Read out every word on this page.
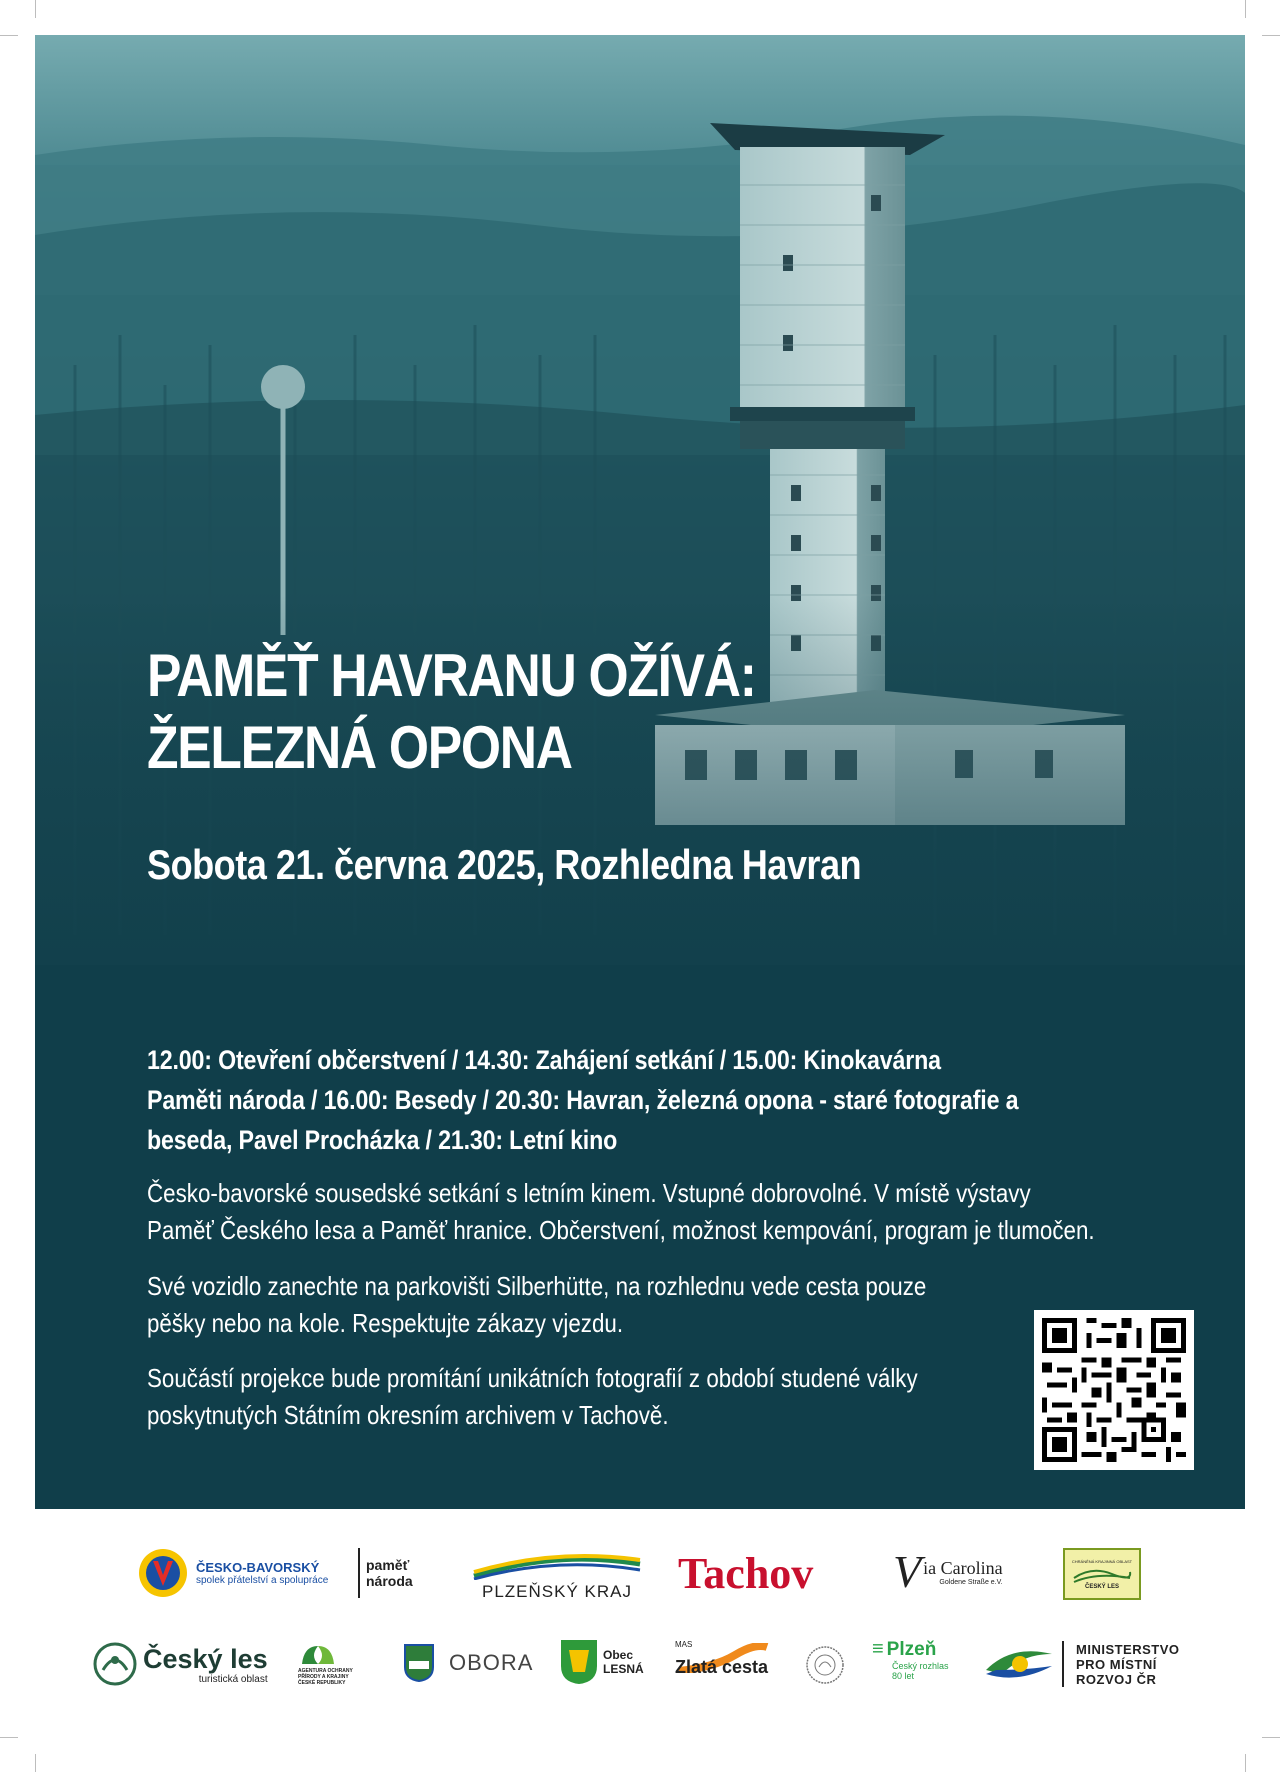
PAMĚŤ HAVRANU OŽÍVÁ:
ŽELEZNÁ OPONA
Sobota 21. června 2025, Rozhledna Havran
12.00: Otevření občerstvení / 14.30: Zahájení setkání / 15.00: Kinokavárna
Paměti národa / 16.00: Besedy / 20.30: Havran, železná opona - staré fotografie a
beseda, Pavel Procházka / 21.30: Letní kino
Česko-bavorské sousedské setkání s letním kinem. Vstupné dobrovolné. V místě výstavy
Paměť Českého lesa a Paměť hranice. Občerstvení, možnost kempování, program je tlumočen.
Své vozidlo zanechte na parkovišti Silberhütte, na rozhlednu vede cesta pouze
pěšky nebo na kole. Respektujte zákazy vjezdu.
Součástí projekce bude promítání unikátních fotografií z období studené války
poskytnutých Státním okresním archivem v Tachově.
ČESKO-BAVORSKÝ
spolek přátelství a spolupráce
paměť
národa
PLZEŇSKÝ KRAJ Tachov V ia Carolina
Goldene Straße e.V.
CHRÁNĚNÁ KRAJINNÁ OBLAST
ČESKÝ LES
Český les
turistická oblast
AGENTURA OCHRANY
PŘÍRODY A KRAJINY
ČESKÉ REPUBLIKY
OBORA	Obec
LESNÁ
MAS
Zlatá cesta
≡ Plzeň
Český rozhlas
80 let
MINISTERSTVO
PRO MÍSTNÍ
ROZVOJ ČR
